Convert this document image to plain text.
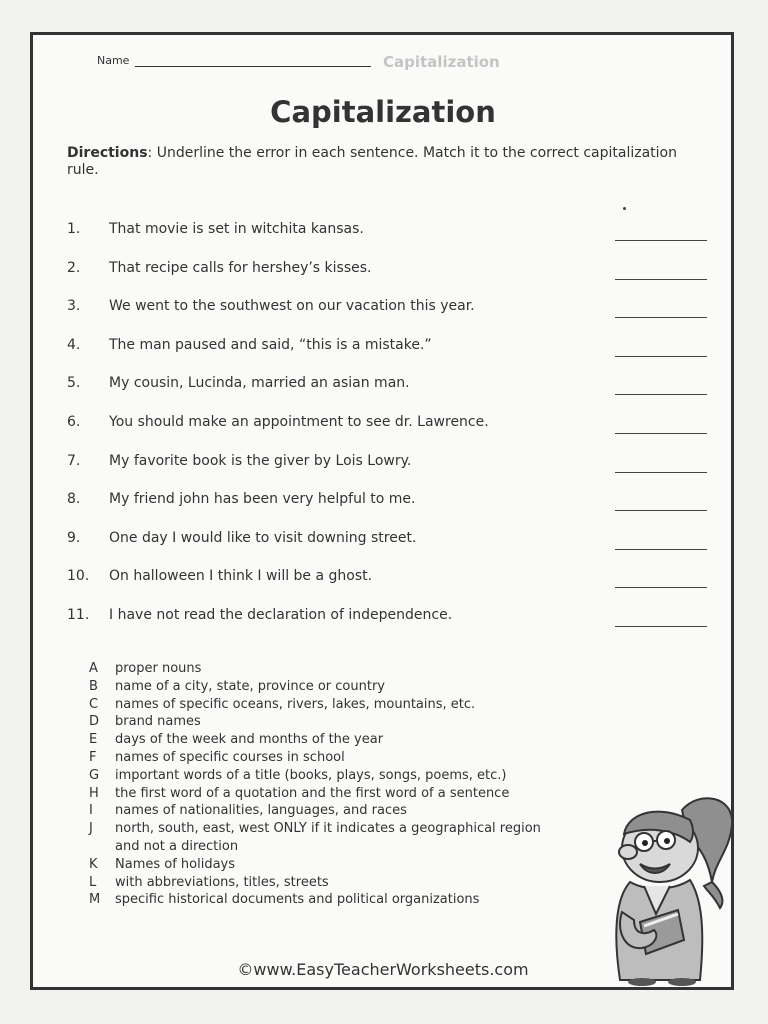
Name	Capitalization
Capitalization
Directions: Underline the error in each sentence. Match it to the correct capitalization rule.
1. That movie is set in witchita kansas.
2. That recipe calls for hershey’s kisses.
3. We went to the southwest on our vacation this year.
4. The man paused and said, “this is a mistake.”
5. My cousin, Lucinda, married an asian man.
6. You should make an appointment to see dr. Lawrence.
7. My favorite book is the giver by Lois Lowry.
8. My friend john has been very helpful to me.
9. One day I would like to visit downing street.
10. On halloween I think I will be a ghost.
11. I have not read the declaration of independence.
A proper nouns
B name of a city, state, province or country
C names of specific oceans, rivers, lakes, mountains, etc.
D brand names
E days of the week and months of the year
F names of specific courses in school
G important words of a title (books, plays, songs, poems, etc.)
H the first word of a quotation and the first word of a sentence
I names of nationalities, languages, and races
J north, south, east, west ONLY if it indicates a geographical region
and not a direction
K Names of holidays
L with abbreviations, titles, streets
M specific historical documents and political organizations
©www.EasyTeacherWorksheets.com
